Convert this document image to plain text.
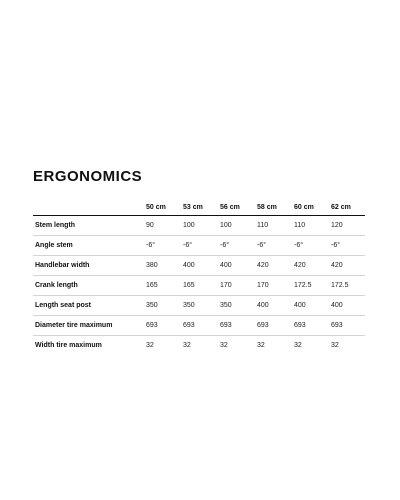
ERGONOMICS
	50 cm	53 cm	56 cm	58 cm	60 cm	62 cm
Stem length	90	100	100	110	110	120
Angle stem	-6°	-6°	-6°	-6°	-6°	-6°
Handlebar width	380	400	400	420	420	420
Crank length	165	165	170	170	172.5	172.5
Length seat post	350	350	350	400	400	400
Diameter tire maximum	693	693	693	693	693	693
Width tire maximum	32	32	32	32	32	32
